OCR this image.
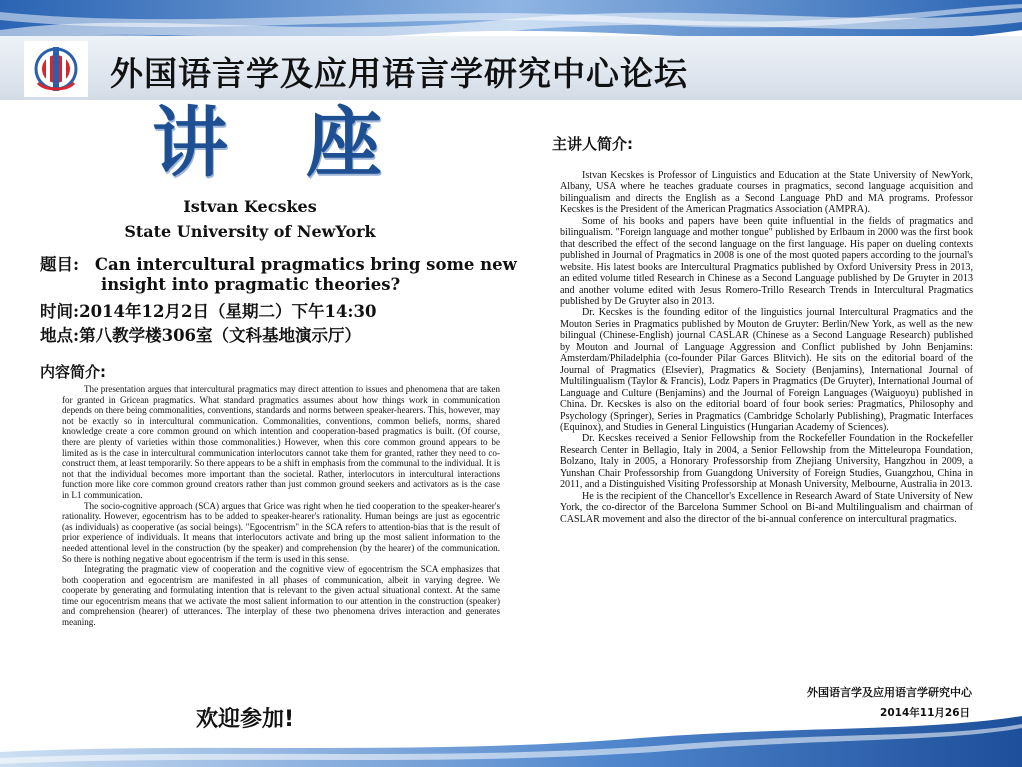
外国语言学及应用语言学研究中心论坛
讲座
Istvan Kecskes
State University of NewYork
题目: Can intercultural pragmatics bring some new
insight into pragmatic theories?
时间:2014年12月2日（星期二）下午14:30
地点:第八教学楼306室（文科基地演示厅）
内容简介:

The presentation argues that intercultural pragmatics may direct attention to issues and phenomena that are taken for granted in Gricean pragmatics. What standard pragmatics assumes about how things work in communication depends on there being commonalities, conventions, standards and norms between speaker-hearers. This, however, may not be exactly so in intercultural communication. Commonalities, conventions, common beliefs, norms, shared knowledge create a core common ground on which intention and cooperation-based pragmatics is built. (Of course, there are plenty of varieties within those commonalities.) However, when this core common ground appears to be limited as is the case in intercultural communication interlocutors cannot take them for granted, rather they need to co-construct them, at least temporarily. So there appears to be a shift in emphasis from the communal to the individual. It is not that the individual becomes more important than the societal. Rather, interlocutors in intercultural interactions function more like core common ground creators rather than just common ground seekers and activators as is the case in L1 communication.

The socio-cognitive approach (SCA) argues that Grice was right when he tied cooperation to the speaker-hearer's rationality. However, egocentrism has to be added to speaker-hearer's rationality. Human beings are just as egocentric (as individuals) as cooperative (as social beings). "Egocentrism" in the SCA refers to attention-bias that is the result of prior experience of individuals. It means that interlocutors activate and bring up the most salient information to the needed attentional level in the construction (by the speaker) and comprehension (by the hearer) of the communication. So there is nothing negative about egocentrism if the term is used in this sense.

Integrating the pragmatic view of cooperation and the cognitive view of egocentrism the SCA emphasizes that both cooperation and egocentrism are manifested in all phases of communication, albeit in varying degree. We cooperate by generating and formulating intention that is relevant to the given actual situational context. At the same time our egocentrism means that we activate the most salient information to our attention in the construction (speaker) and comprehension (hearer) of utterances. The interplay of these two phenomena drives interaction and generates meaning.

主讲人简介:

Istvan Kecskes is Professor of Linguistics and Education at the State University of NewYork, Albany, USA where he teaches graduate courses in pragmatics, second language acquisition and bilingualism and directs the English as a Second Language PhD and MA programs. Professor Kecskes is the President of the American Pragmatics Association (AMPRA).

Some of his books and papers have been quite influential in the fields of pragmatics and bilingualism. "Foreign language and mother tongue" published by Erlbaum in 2000 was the first book that described the effect of the second language on the first language. His paper on dueling contexts published in Journal of Pragmatics in 2008 is one of the most quoted papers according to the journal's website. His latest books are Intercultural Pragmatics published by Oxford University Press in 2013, an edited volume titled Research in Chinese as a Second Language published by De Gruyter in 2013 and another volume edited with Jesus Romero-Trillo Research Trends in Intercultural Pragmatics published by De Gruyter also in 2013.

Dr. Kecskes is the founding editor of the linguistics journal Intercultural Pragmatics and the Mouton Series in Pragmatics published by Mouton de Gruyter: Berlin/New York, as well as the new bilingual (Chinese-English) journal CASLAR (Chinese as a Second Language Research) published by Mouton and Journal of Language Aggression and Conflict published by John Benjamins: Amsterdam/Philadelphia (co-founder Pilar Garces Blitvich). He sits on the editorial board of the Journal of Pragmatics (Elsevier), Pragmatics & Society (Benjamins), International Journal of Multilingualism (Taylor & Francis), Lodz Papers in Pragmatics (De Gruyter), International Journal of Language and Culture (Benjamins) and the Journal of Foreign Languages (Waiguoyu) published in China. Dr. Kecskes is also on the editorial board of four book series: Pragmatics, Philosophy and Psychology (Springer), Series in Pragmatics (Cambridge Scholarly Publishing), Pragmatic Interfaces (Equinox), and Studies in General Linguistics (Hungarian Academy of Sciences).

Dr. Kecskes received a Senior Fellowship from the Rockefeller Foundation in the Rockefeller Research Center in Bellagio, Italy in 2004, a Senior Fellowship from the Mitteleuropa Foundation, Bolzano, Italy in 2005, a Honorary Professorship from Zhejiang University, Hangzhou in 2009, a Yunshan Chair Professorship from Guangdong University of Foreign Studies, Guangzhou, China in 2011, and a Distinguished Visiting Professorship at Monash University, Melbourne, Australia in 2013.

He is the recipient of the Chancellor's Excellence in Research Award of State University of New York, the co-director of the Barcelona Summer School on Bi-and Multilingualism and chairman of CASLAR movement and also the director of the bi-annual conference on intercultural pragmatics.

欢迎参加!
外国语言学及应用语言学研究中心
2014年11月26日
